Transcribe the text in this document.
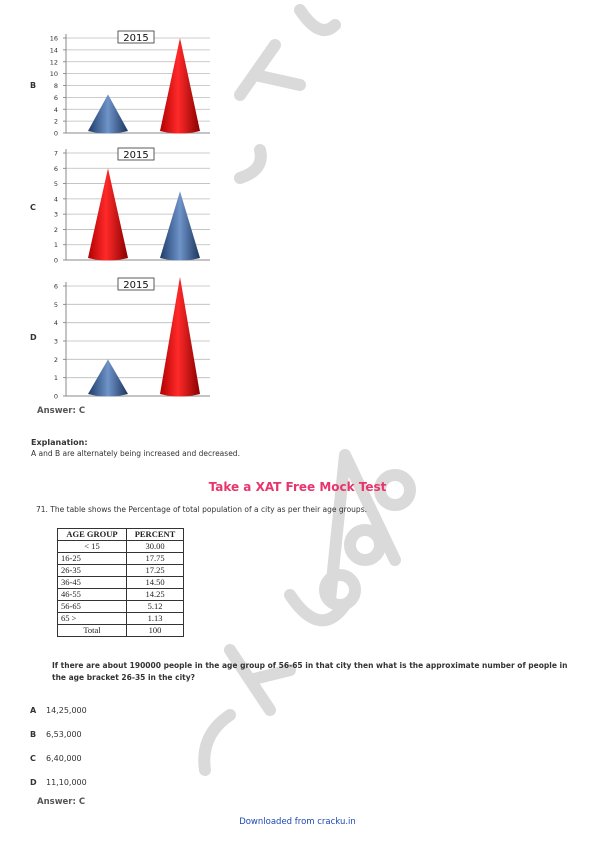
B
16
14
12
10
8
6
4
2
0
2015
C
7
6
5
4
3
2
1
0
2015
D
6
5
4
3
2
1
0
2015
Answer: C
Explanation:
A and B are alternately being increased and decreased.
Take a XAT Free Mock Test
71. The table shows the Percentage of total population of a city as per their age groups.
AGE GROUP	PERCENT
< 15	30.00
16-25	17.75
26-35	17.25
36-45	14.50
46-55	14.25
56-65	5.12
65 >	1.13
Total	100
If there are about 190000 people in the age group of 56-65 in that city then what is the approximate number of people in the age bracket 26-35 in the city?
A 14,25,000
B 6,53,000
C 6,40,000
D 11,10,000
Answer: C
Downloaded from cracku.in
